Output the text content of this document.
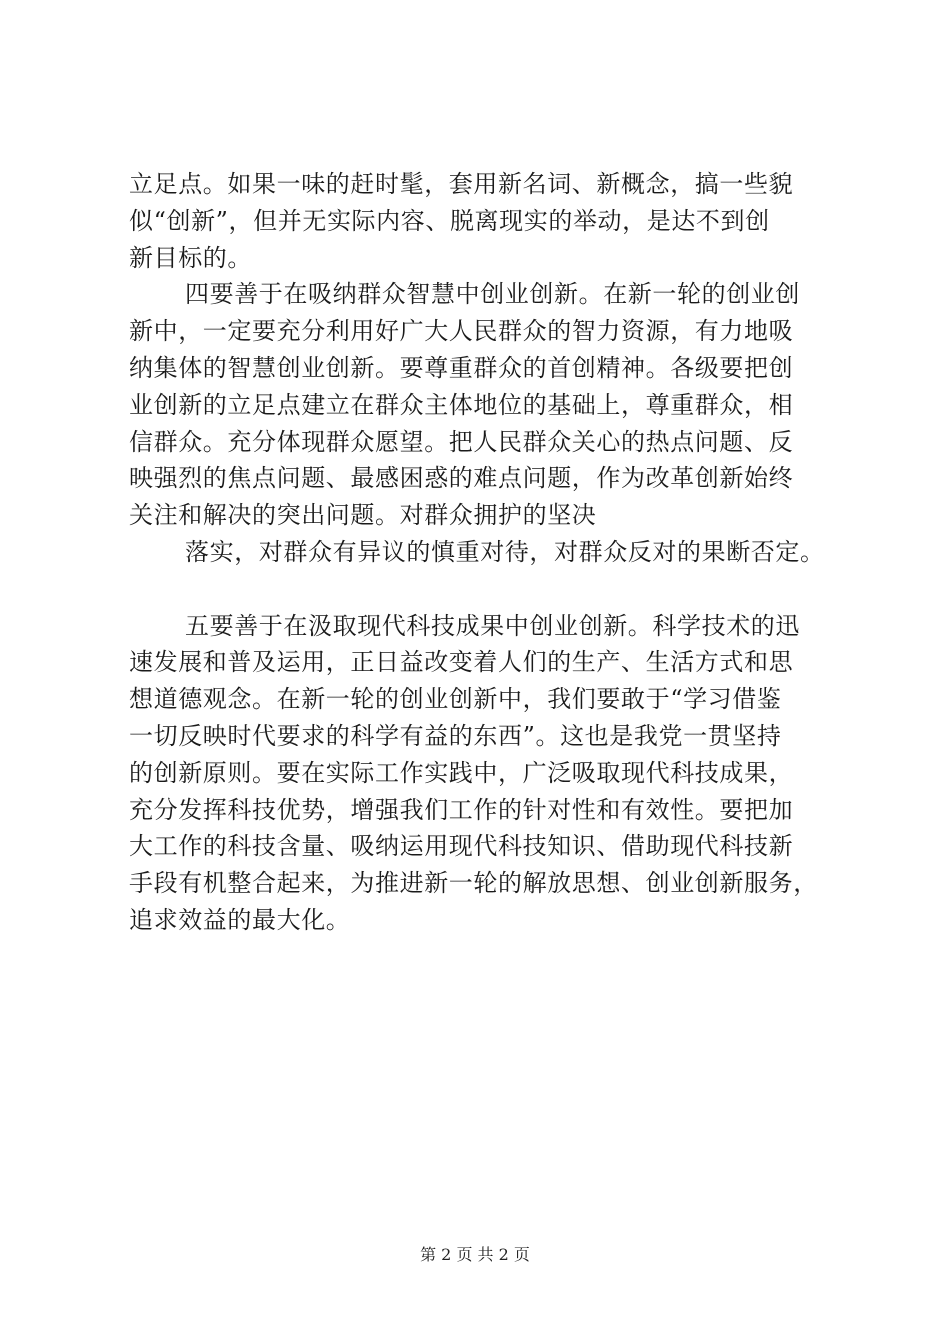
立足点。如果一味的赶时髦，套用新名词、新概念，搞一些貌
似“创新”，但并无实际内容、脱离现实的举动，是达不到创
新目标的。
四要善于在吸纳群众智慧中创业创新。在新一轮的创业创
新中，一定要充分利用好广大人民群众的智力资源，有力地吸
纳集体的智慧创业创新。要尊重群众的首创精神。各级要把创
业创新的立足点建立在群众主体地位的基础上，尊重群众，相
信群众。充分体现群众愿望。把人民群众关心的热点问题、反
映强烈的焦点问题、最感困惑的难点问题，作为改革创新始终
关注和解决的突出问题。对群众拥护的坚决
落实，对群众有异议的慎重对待，对群众反对的果断否定。
五要善于在汲取现代科技成果中创业创新。科学技术的迅
速发展和普及运用，正日益改变着人们的生产、生活方式和思
想道德观念。在新一轮的创业创新中，我们要敢于“学习借鉴
一切反映时代要求的科学有益的东西”。这也是我党一贯坚持
的创新原则。要在实际工作实践中，广泛吸取现代科技成果，
充分发挥科技优势，增强我们工作的针对性和有效性。要把加
大工作的科技含量、吸纳运用现代科技知识、借助现代科技新
手段有机整合起来，为推进新一轮的解放思想、创业创新服务，
追求效益的最大化。
第 2 页 共 2 页
